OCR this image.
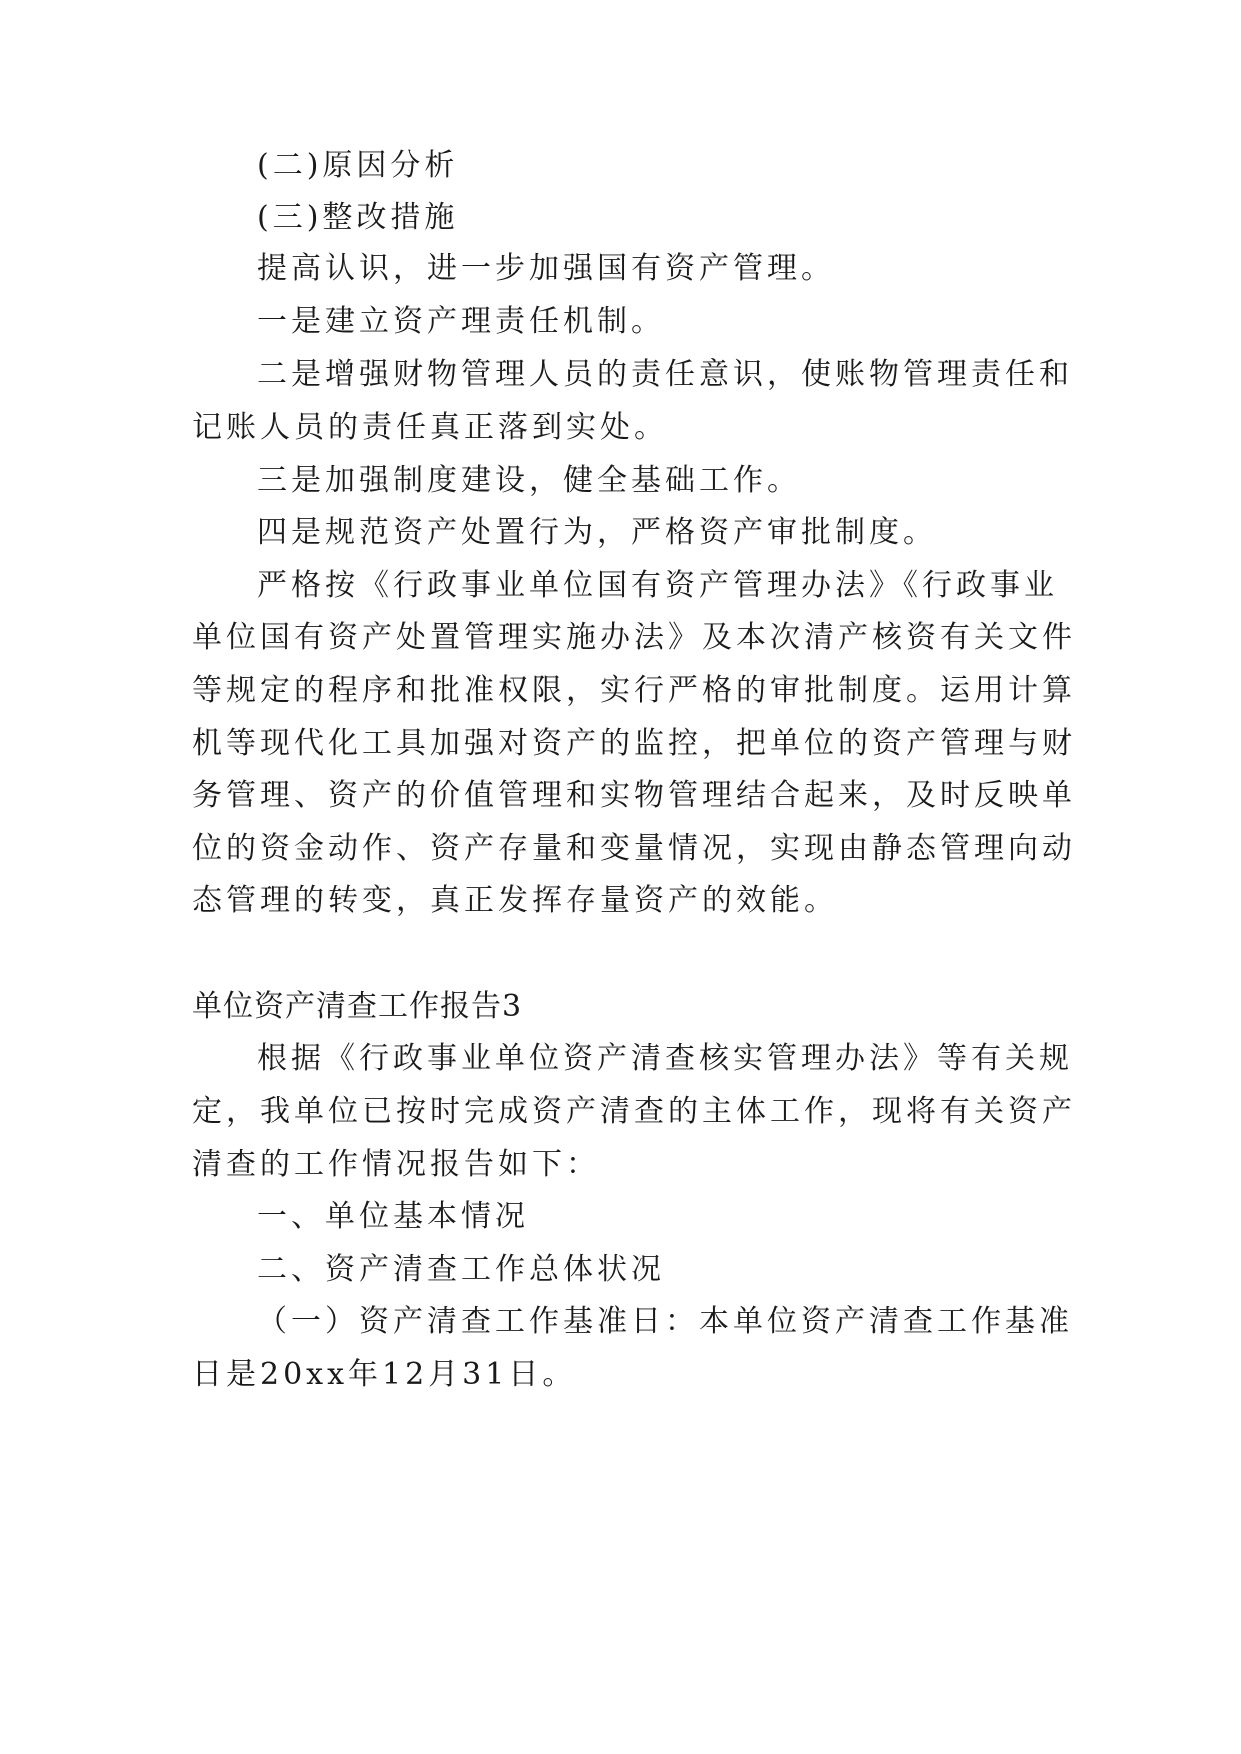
(二)原因分析
(三)整改措施
提高认识，进一步加强国有资产管理。
一是建立资产理责任机制。
二是增强财物管理人员的责任意识，使账物管理责任和
记账人员的责任真正落到实处。
三是加强制度建设，健全基础工作。
四是规范资产处置行为，严格资产审批制度。
严格按《行政事业单位国有资产管理办法》《行政事业
单位国有资产处置管理实施办法》及本次清产核资有关文件
等规定的程序和批准权限，实行严格的审批制度。运用计算
机等现代化工具加强对资产的监控，把单位的资产管理与财
务管理、资产的价值管理和实物管理结合起来，及时反映单
位的资金动作、资产存量和变量情况，实现由静态管理向动
态管理的转变，真正发挥存量资产的效能。
单位资产清查工作报告3
根据《行政事业单位资产清查核实管理办法》等有关规
定，我单位已按时完成资产清查的主体工作，现将有关资产
清查的工作情况报告如下：
一、单位基本情况
二、资产清查工作总体状况
（一）资产清查工作基准日：本单位资产清查工作基准
日是20xx年12月31日。
